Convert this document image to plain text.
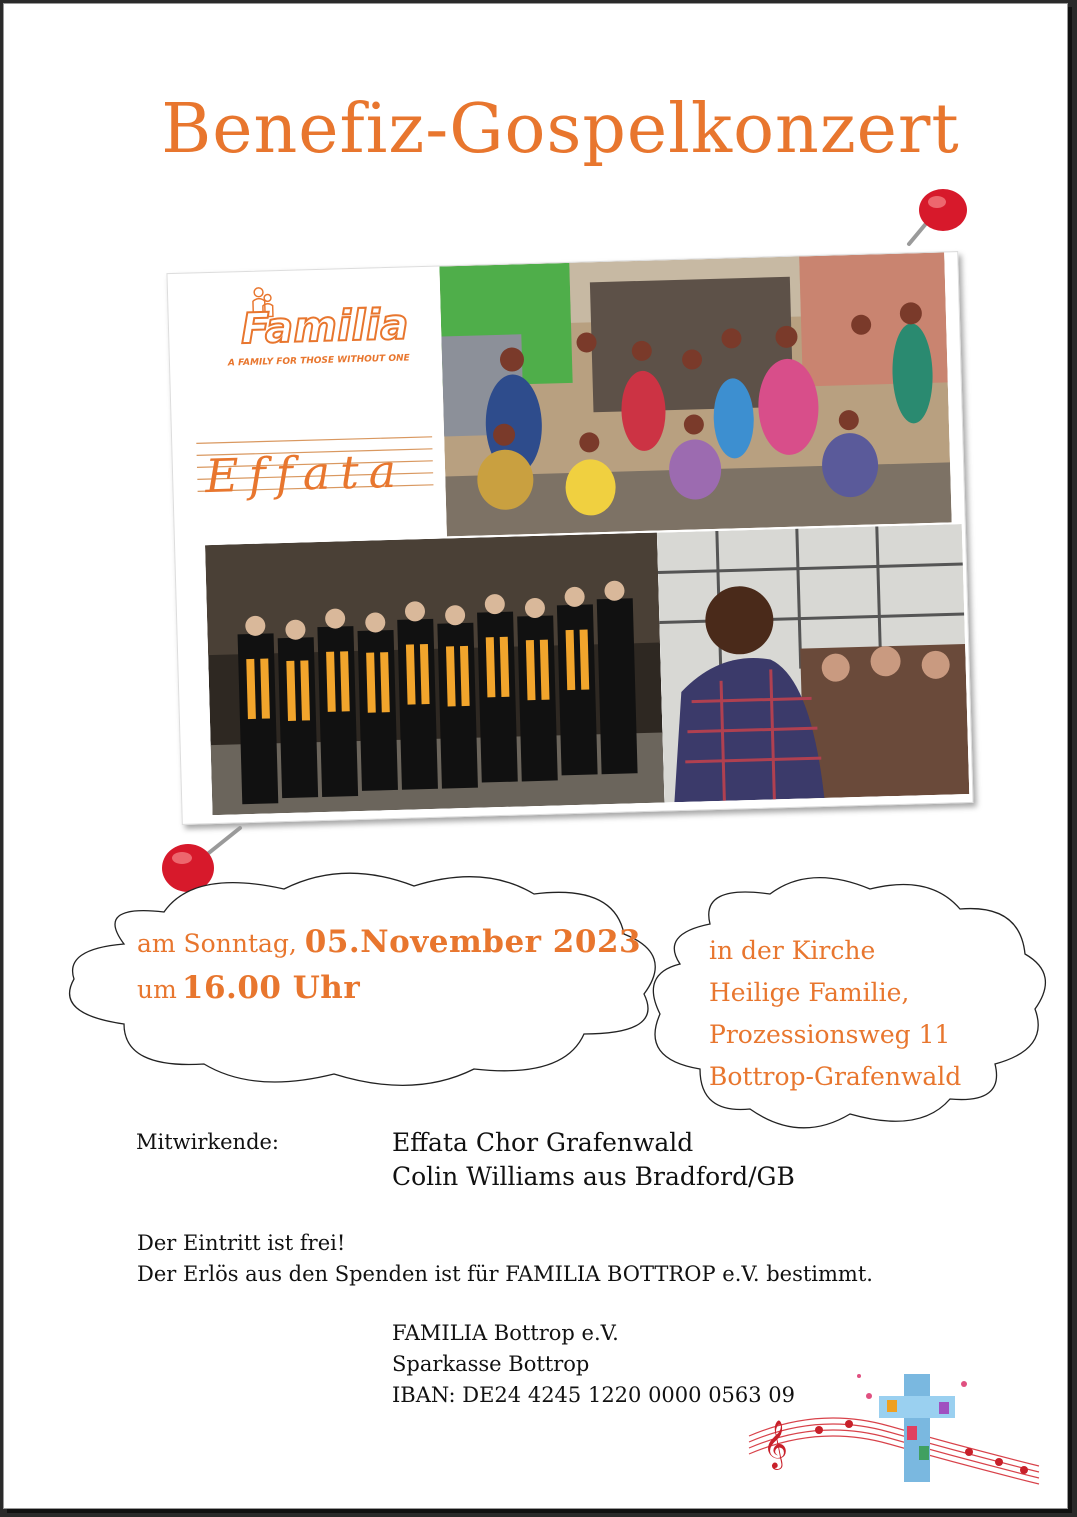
Benefiz-Gospelkonzert
Familia
A FAMILY FOR THOSE WITHOUT ONE
Effata
am Sonntag, 05.November 2023
um 16.00 Uhr
in der Kirche
Heilige Familie,
Prozessionsweg 11
Bottrop-Grafenwald
Mitwirkende:	Effata Chor Grafenwald
Colin Williams aus Bradford/GB
Der Eintritt ist frei!
Der Erlös aus den Spenden ist für FAMILIA BOTTROP e.V. bestimmt.
FAMILIA Bottrop e.V.
Sparkasse Bottrop
IBAN: DE24 4245 1220 0000 0563 09
𝄞
